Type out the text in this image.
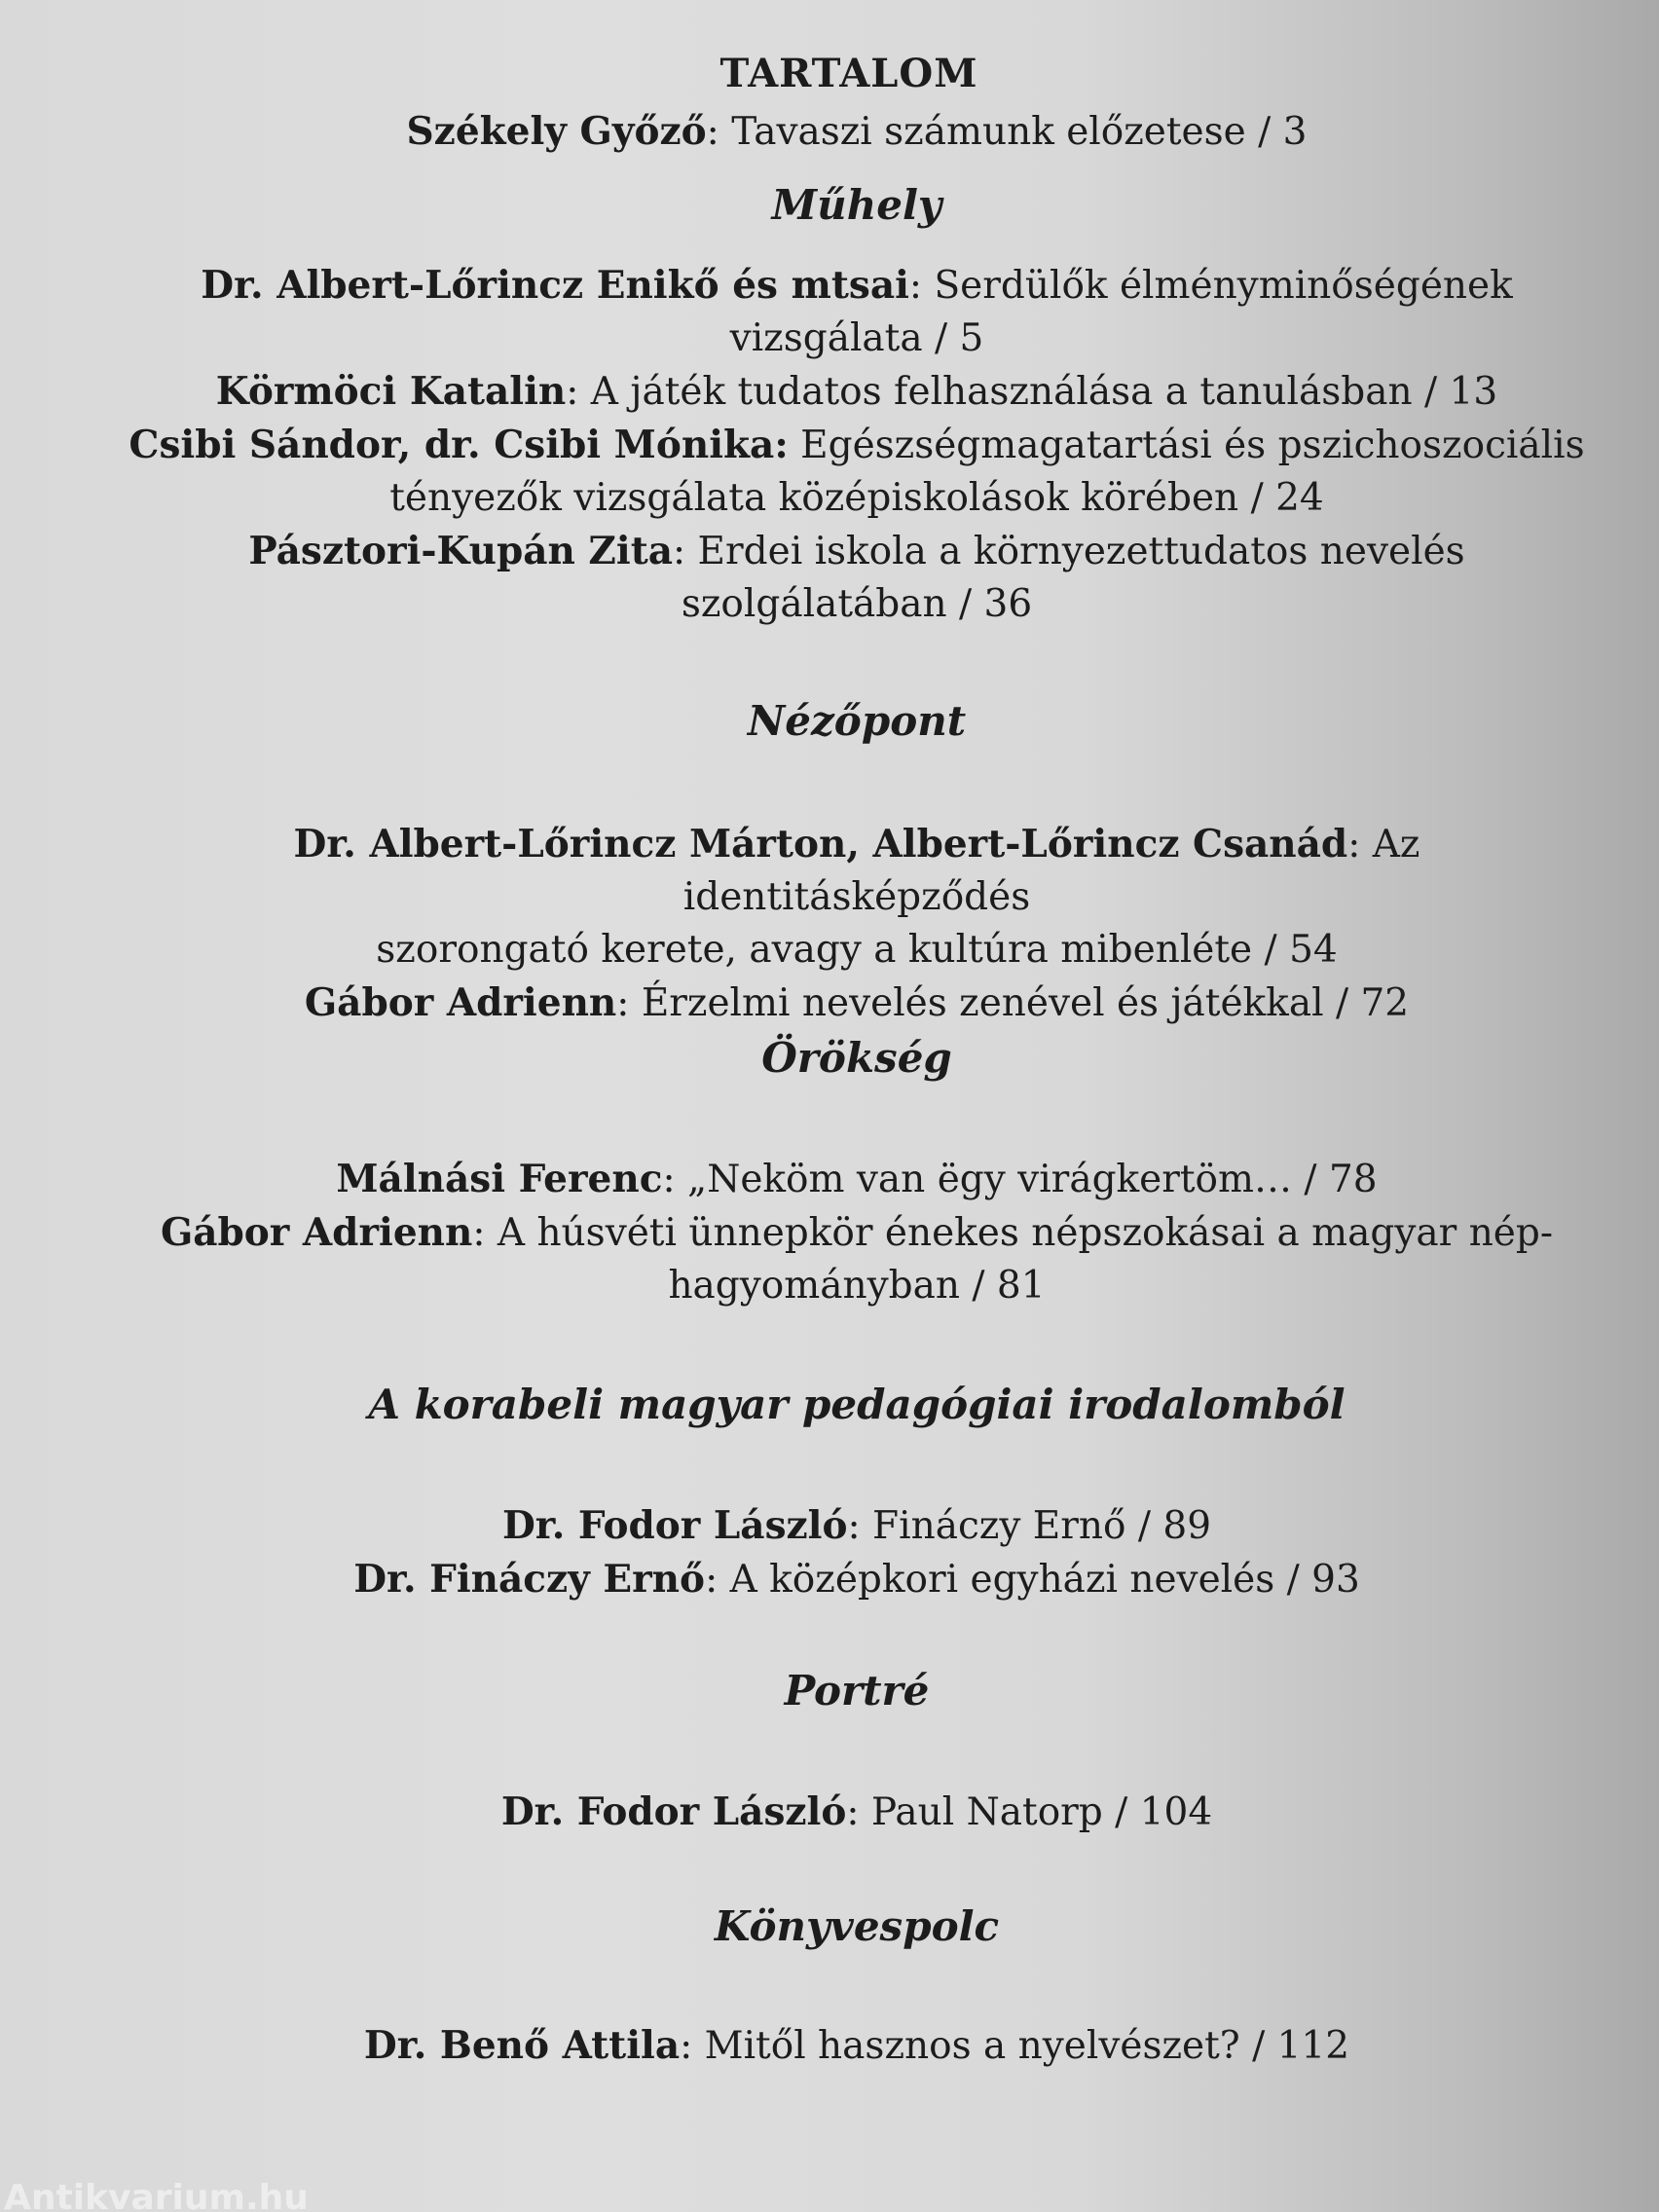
TARTALOM

Székely Győző: Tavaszi számunk előzetese / 3

Műhely

Dr. Albert-Lőrincz Enikő és mtsai: Serdülők élményminőségének vizsgálata / 5

Körmöci Katalin: A játék tudatos felhasználása a tanulásban / 13

Csibi Sándor, dr. Csibi Mónika: Egészségmagatartási és pszichoszociális
tényezők vizsgálata középiskolások körében / 24

Pásztori-Kupán Zita: Erdei iskola a környezettudatos nevelés szolgálatában / 36

Nézőpont

Dr. Albert-Lőrincz Márton, Albert-Lőrincz Csanád: Az identitásképződés
szorongató kerete, avagy a kultúra mibenléte / 54

Gábor Adrienn: Érzelmi nevelés zenével és játékkal / 72

Örökség

Málnási Ferenc: „Neköm van ëgy virágkertöm… / 78

Gábor Adrienn: A húsvéti ünnepkör énekes népszokásai a magyar nép-
hagyományban / 81

A korabeli magyar pedagógiai irodalomból

Dr. Fodor László: Fináczy Ernő / 89

Dr. Fináczy Ernő: A középkori egyházi nevelés / 93

Portré

Dr. Fodor László: Paul Natorp / 104

Könyvespolc

Dr. Benő Attila: Mitől hasznos a nyelvészet? / 112

Antikvarium.hu
